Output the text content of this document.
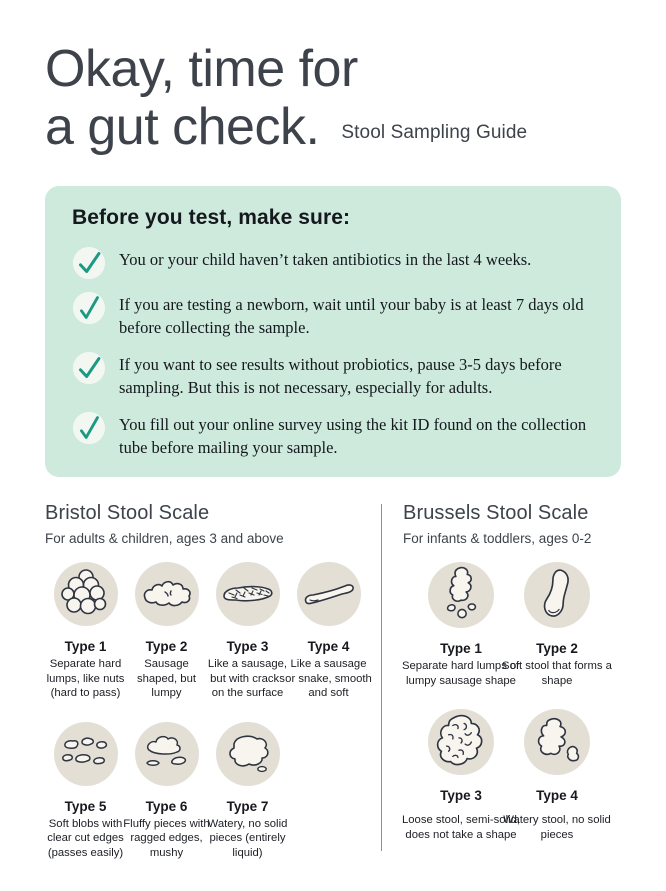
Okay, time for
a gut check. Stool Sampling Guide
Before you test, make sure:
You or your child haven’t taken antibiotics in the last 4 weeks.
If you are testing a newborn, wait until your baby is at least 7 days old before collecting the sample.
If you want to see results without probiotics, pause 3-5 days before sampling. But this is not necessary, especially for adults.
You fill out your online survey using the kit ID found on the collection tube before mailing your sample.
Bristol Stool Scale
For adults & children, ages 3 and above
Type 1
Separate hard lumps, like nuts (hard to pass)
Type 2
Sausage shaped, but lumpy
Type 3
Like a sausage, but with cracks on the surface
Type 4
Like a sausage or snake, smooth and soft
Type 5
Soft blobs with clear cut edges (passes easily)
Type 6
Fluffy pieces with ragged edges, mushy
Type 7
Watery, no solid pieces (entirely liquid)
Brussels Stool Scale
For infants & toddlers, ages 0-2
Type 1
Separate hard lumps or lumpy sausage shape
Type 2
Soft stool that forms a shape
Type 3
Loose stool, semi-solid, does not take a shape
Type 4
Watery stool, no solid pieces
